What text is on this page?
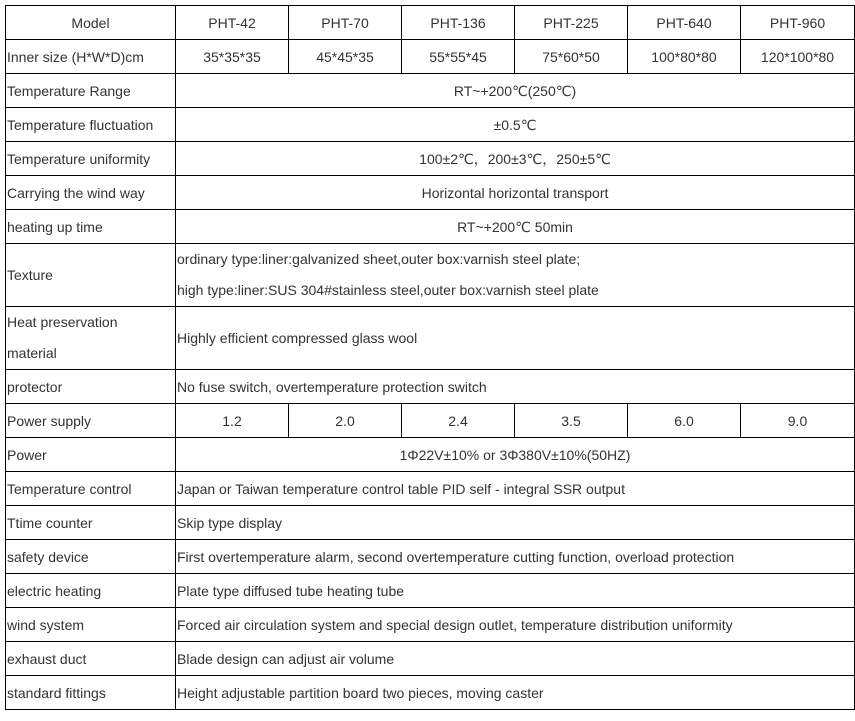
Model	PHT-42	PHT-70	PHT-136	PHT-225	PHT-640	PHT-960
Inner size (H*W*D)cm	35*35*35	45*45*35	55*55*45	75*60*50	100*80*80	120*100*80
Temperature Range	RT~+200℃(250℃)					
Temperature fluctuation	±0.5℃					
Temperature uniformity	100±2℃，200±3℃，250±5℃					
Carrying the wind way	Horizontal horizontal transport					
heating up time	RT~+200℃ 50min					
Texture	ordinary type:liner:galvanized sheet,outer box:varnish steel plate;
high type:liner:SUS 304#stainless steel,outer box:varnish steel plate					

Heat preservation
material	Highly efficient compressed glass wool					
protector	No fuse switch, overtemperature protection switch					
Power supply	1.2	2.0	2.4	3.5	6.0	9.0
Power	1Φ22V±10% or 3Φ380V±10%(50HZ)					
Temperature control	Japan or Taiwan temperature control table PID self - integral SSR output					
Ttime counter	Skip type display					
safety device	First overtemperature alarm, second overtemperature cutting function, overload protection					
electric heating	Plate type diffused tube heating tube					
wind system	Forced air circulation system and special design outlet, temperature distribution uniformity					
exhaust duct	Blade design can adjust air volume					
standard fittings	Height adjustable partition board two pieces, moving caster					
